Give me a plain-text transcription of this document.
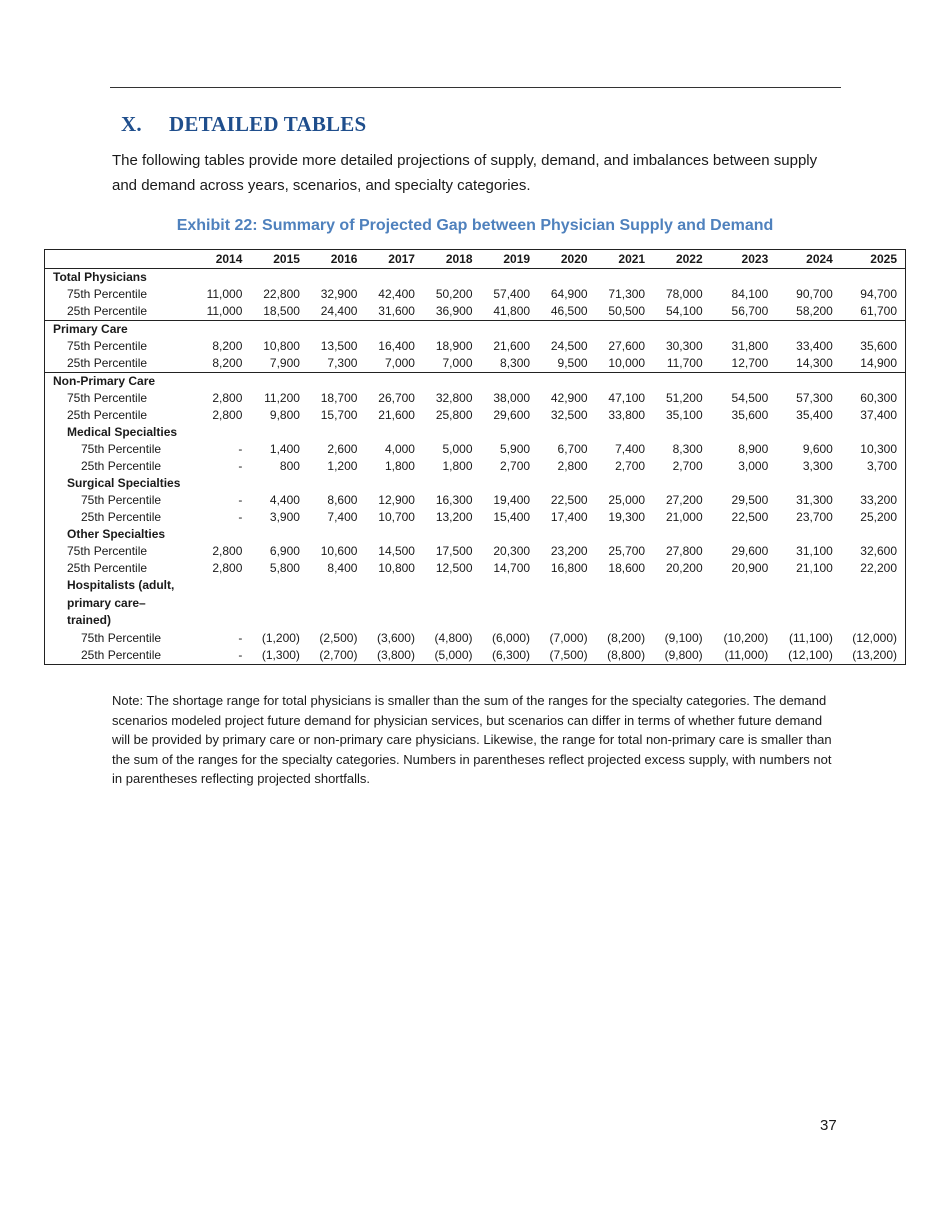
X. DETAILED TABLES

The following tables provide more detailed projections of supply, demand, and imbalances between supply and demand across years, scenarios, and specialty categories.

Exhibit 22: Summary of Projected Gap between Physician Supply and Demand

	2014	2015	2016	2017	2018	2019	2020	2021	2022	2023	2024	2025
Total Physicians												
75th Percentile	11,000	22,800	32,900	42,400	50,200	57,400	64,900	71,300	78,000	84,100	90,700	94,700
25th Percentile	11,000	18,500	24,400	31,600	36,900	41,800	46,500	50,500	54,100	56,700	58,200	61,700
Primary Care												
75th Percentile	8,200	10,800	13,500	16,400	18,900	21,600	24,500	27,600	30,300	31,800	33,400	35,600
25th Percentile	8,200	7,900	7,300	7,000	7,000	8,300	9,500	10,000	11,700	12,700	14,300	14,900
Non-Primary Care												
75th Percentile	2,800	11,200	18,700	26,700	32,800	38,000	42,900	47,100	51,200	54,500	57,300	60,300
25th Percentile	2,800	9,800	15,700	21,600	25,800	29,600	32,500	33,800	35,100	35,600	35,400	37,400
Medical Specialties												
75th Percentile	-	1,400	2,600	4,000	5,000	5,900	6,700	7,400	8,300	8,900	9,600	10,300
25th Percentile	-	800	1,200	1,800	1,800	2,700	2,800	2,700	2,700	3,000	3,300	3,700
Surgical Specialties												
75th Percentile	-	4,400	8,600	12,900	16,300	19,400	22,500	25,000	27,200	29,500	31,300	33,200
25th Percentile	-	3,900	7,400	10,700	13,200	15,400	17,400	19,300	21,000	22,500	23,700	25,200
Other Specialties												
75th Percentile	2,800	6,900	10,600	14,500	17,500	20,300	23,200	25,700	27,800	29,600	31,100	32,600
25th Percentile	2,800	5,800	8,400	10,800	12,500	14,700	16,800	18,600	20,200	20,900	21,100	22,200
Hospitalists (adult, primary care–trained)												
75th Percentile	-	(1,200)	(2,500)	(3,600)	(4,800)	(6,000)	(7,000)	(8,200)	(9,100)	(10,200)	(11,100)	(12,000)
25th Percentile	-	(1,300)	(2,700)	(3,800)	(5,000)	(6,300)	(7,500)	(8,800)	(9,800)	(11,000)	(12,100)	(13,200)

Note: The shortage range for total physicians is smaller than the sum of the ranges for the specialty categories. The demand scenarios modeled project future demand for physician services, but scenarios can differ in terms of whether future demand will be provided by primary care or non-primary care physicians. Likewise, the range for total non-primary care is smaller than the sum of the ranges for the specialty categories. Numbers in parentheses reflect projected excess supply, with numbers not in parentheses reflecting projected shortfalls.

37
